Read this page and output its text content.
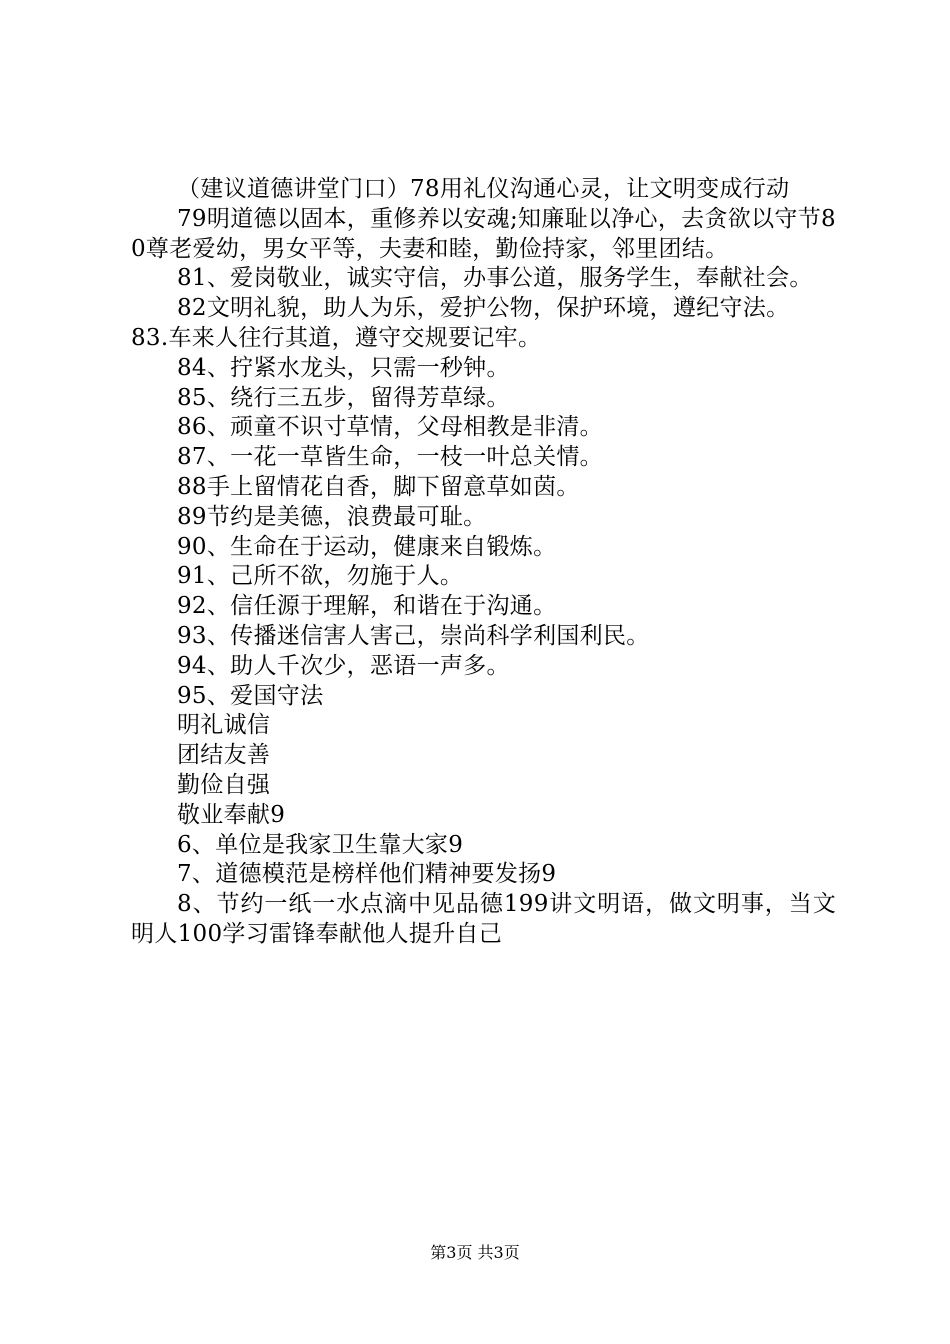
（建议道德讲堂门口）78用礼仪沟通心灵，让文明变成行动

79明道德以固本，重修养以安魂;知廉耻以净心，去贪欲以守节80尊老爱幼，男女平等，夫妻和睦，勤俭持家，邻里团结。

81、爱岗敬业，诚实守信，办事公道，服务学生，奉献社会。

82文明礼貌，助人为乐，爱护公物，保护环境，遵纪守法。

83.车来人往行其道，遵守交规要记牢。

84、拧紧水龙头，只需一秒钟。

85、绕行三五步，留得芳草绿。

86、顽童不识寸草情，父母相教是非清。

87、一花一草皆生命，一枝一叶总关情。

88手上留情花自香，脚下留意草如茵。

89节约是美德，浪费最可耻。

90、生命在于运动，健康来自锻炼。

91、己所不欲，勿施于人。

92、信任源于理解，和谐在于沟通。

93、传播迷信害人害己，崇尚科学利国利民。

94、助人千次少，恶语一声多。

95、爱国守法

明礼诚信

团结友善

勤俭自强

敬业奉献9

6、单位是我家卫生靠大家9

7、道德模范是榜样他们精神要发扬9

8、节约一纸一水点滴中见品德199讲文明语，做文明事，当文明人100学习雷锋奉献他人提升自己

第3页 共3页
